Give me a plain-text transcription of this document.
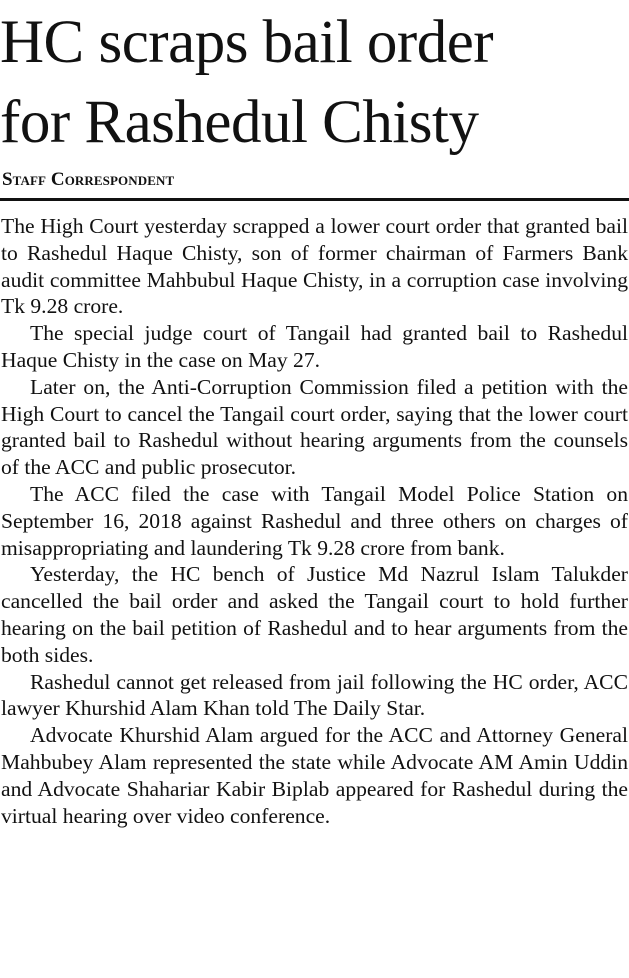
HC scraps bail order
for Rashedul Chisty
Staff Correspondent

The High Court yesterday scrapped a lower court order that granted bail to Rashedul Haque Chisty, son of former chairman of Farmers Bank audit committee Mahbubul Haque Chisty, in a corruption case involving Tk 9.28 crore.

The special judge court of Tangail had granted bail to Rashedul Haque Chisty in the case on May 27.

Later on, the Anti-Corruption Commission filed a petition with the High Court to cancel the Tangail court order, saying that the lower court granted bail to Rashedul without hearing arguments from the counsels of the ACC and public prosecutor.

The ACC filed the case with Tangail Model Police Station on September 16, 2018 against Rashedul and three others on charges of misappropriating and laundering Tk 9.28 crore from bank.

Yesterday, the HC bench of Justice Md Nazrul Islam Talukder cancelled the bail order and asked the Tangail court to hold further hearing on the bail petition of Rashedul and to hear arguments from the both sides.

Rashedul cannot get released from jail following the HC order, ACC lawyer Khurshid Alam Khan told The Daily Star.

Advocate Khurshid Alam argued for the ACC and Attorney General Mahbubey Alam represented the state while Advocate AM Amin Uddin and Advocate Shahariar Kabir Biplab appeared for Rashedul during the virtual hearing over video conference.
